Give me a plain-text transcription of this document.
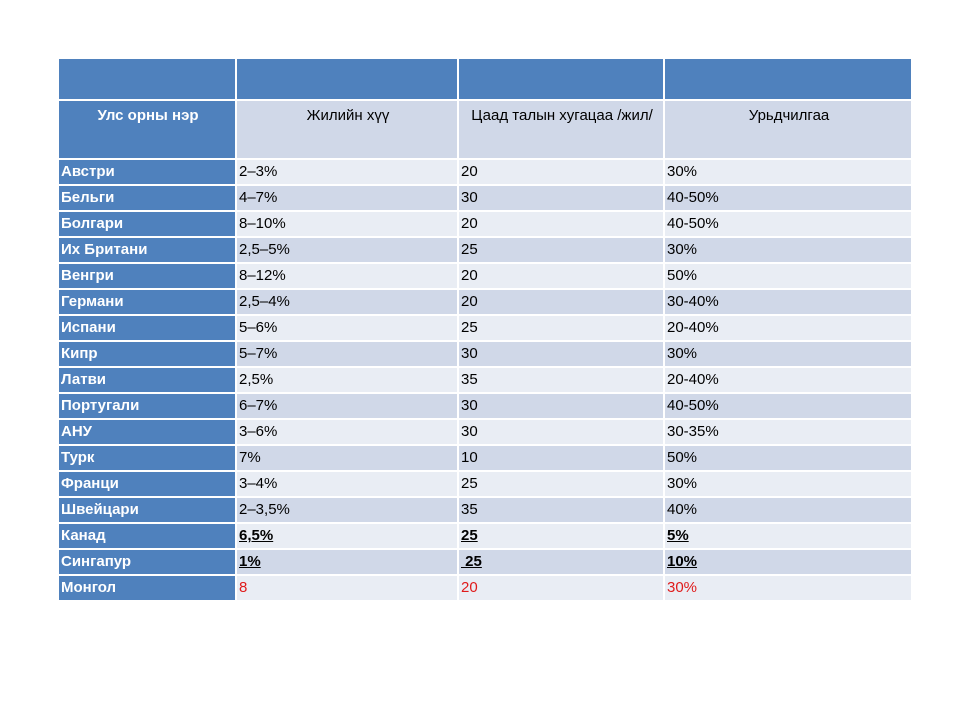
Улс орны нэр	Жилийн хүү	Цаад талын хугацаа /жил/	Урьдчилгаа
Австри	2–3%	20	30%
Бельги	4–7%	30	40-50%
Болгари	8–10%	20	40-50%
Их Британи	2,5–5%	25	30%
Венгри	8–12%	20	50%
Германи	2,5–4%	20	30-40%
Испани	5–6%	25	20-40%
Кипр	5–7%	30	30%
Латви	2,5%	35	20-40%
Португали	6–7%	30	40-50%
АНУ	3–6%	30	30-35%
Турк	7%	10	50%
Франци	3–4%	25	30%
Швейцари	2–3,5%	35	40%
Канад	6,5%	25	5%
Сингапур	1%	25	10%
Монгол	8	20	30%
